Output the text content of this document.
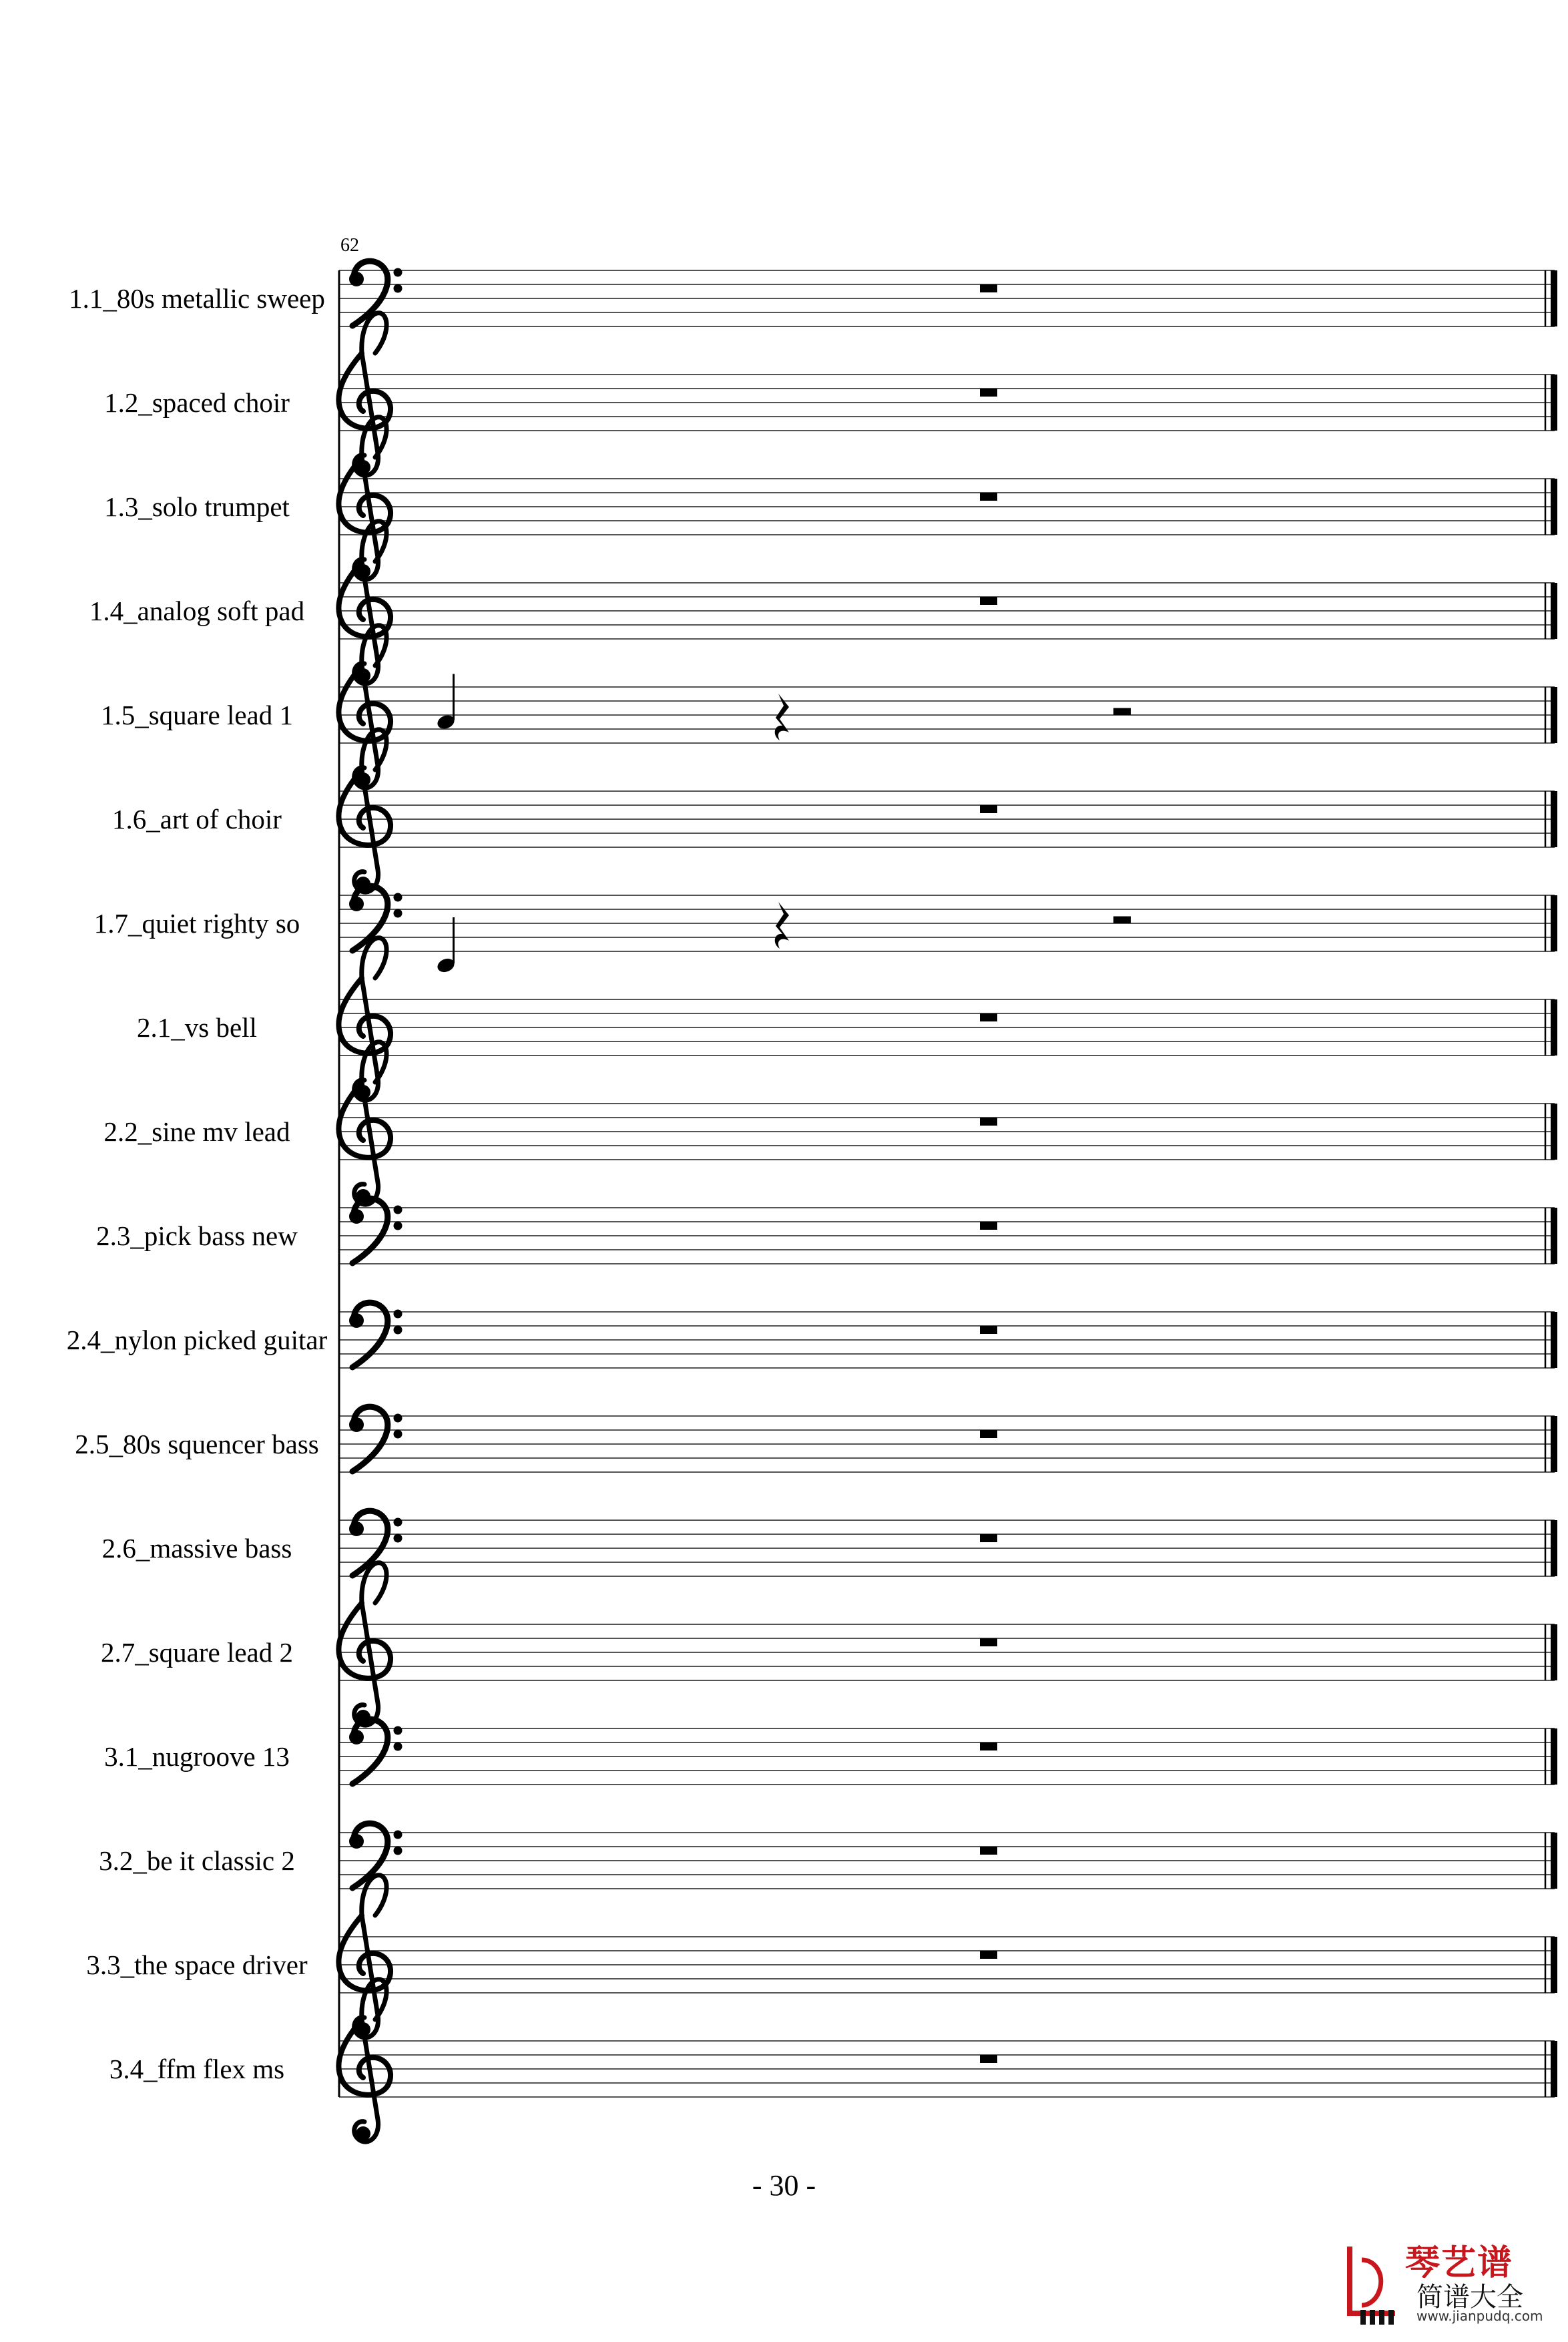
1.1_80s metallic sweep
1.2_spaced choir
1.3_solo trumpet
1.4_analog soft pad
1.5_square lead 1
1.6_art of choir
1.7_quiet righty so
2.1_vs bell
2.2_sine mv lead
2.3_pick bass new
2.4_nylon picked guitar
2.5_80s squencer bass
2.6_massive bass
2.7_square lead 2
3.1_nugroove 13
3.2_be it classic 2
3.3_the space driver
3.4_ffm flex ms
62
- 30 -
琴艺谱
简谱大全
www.jianpudq.com
